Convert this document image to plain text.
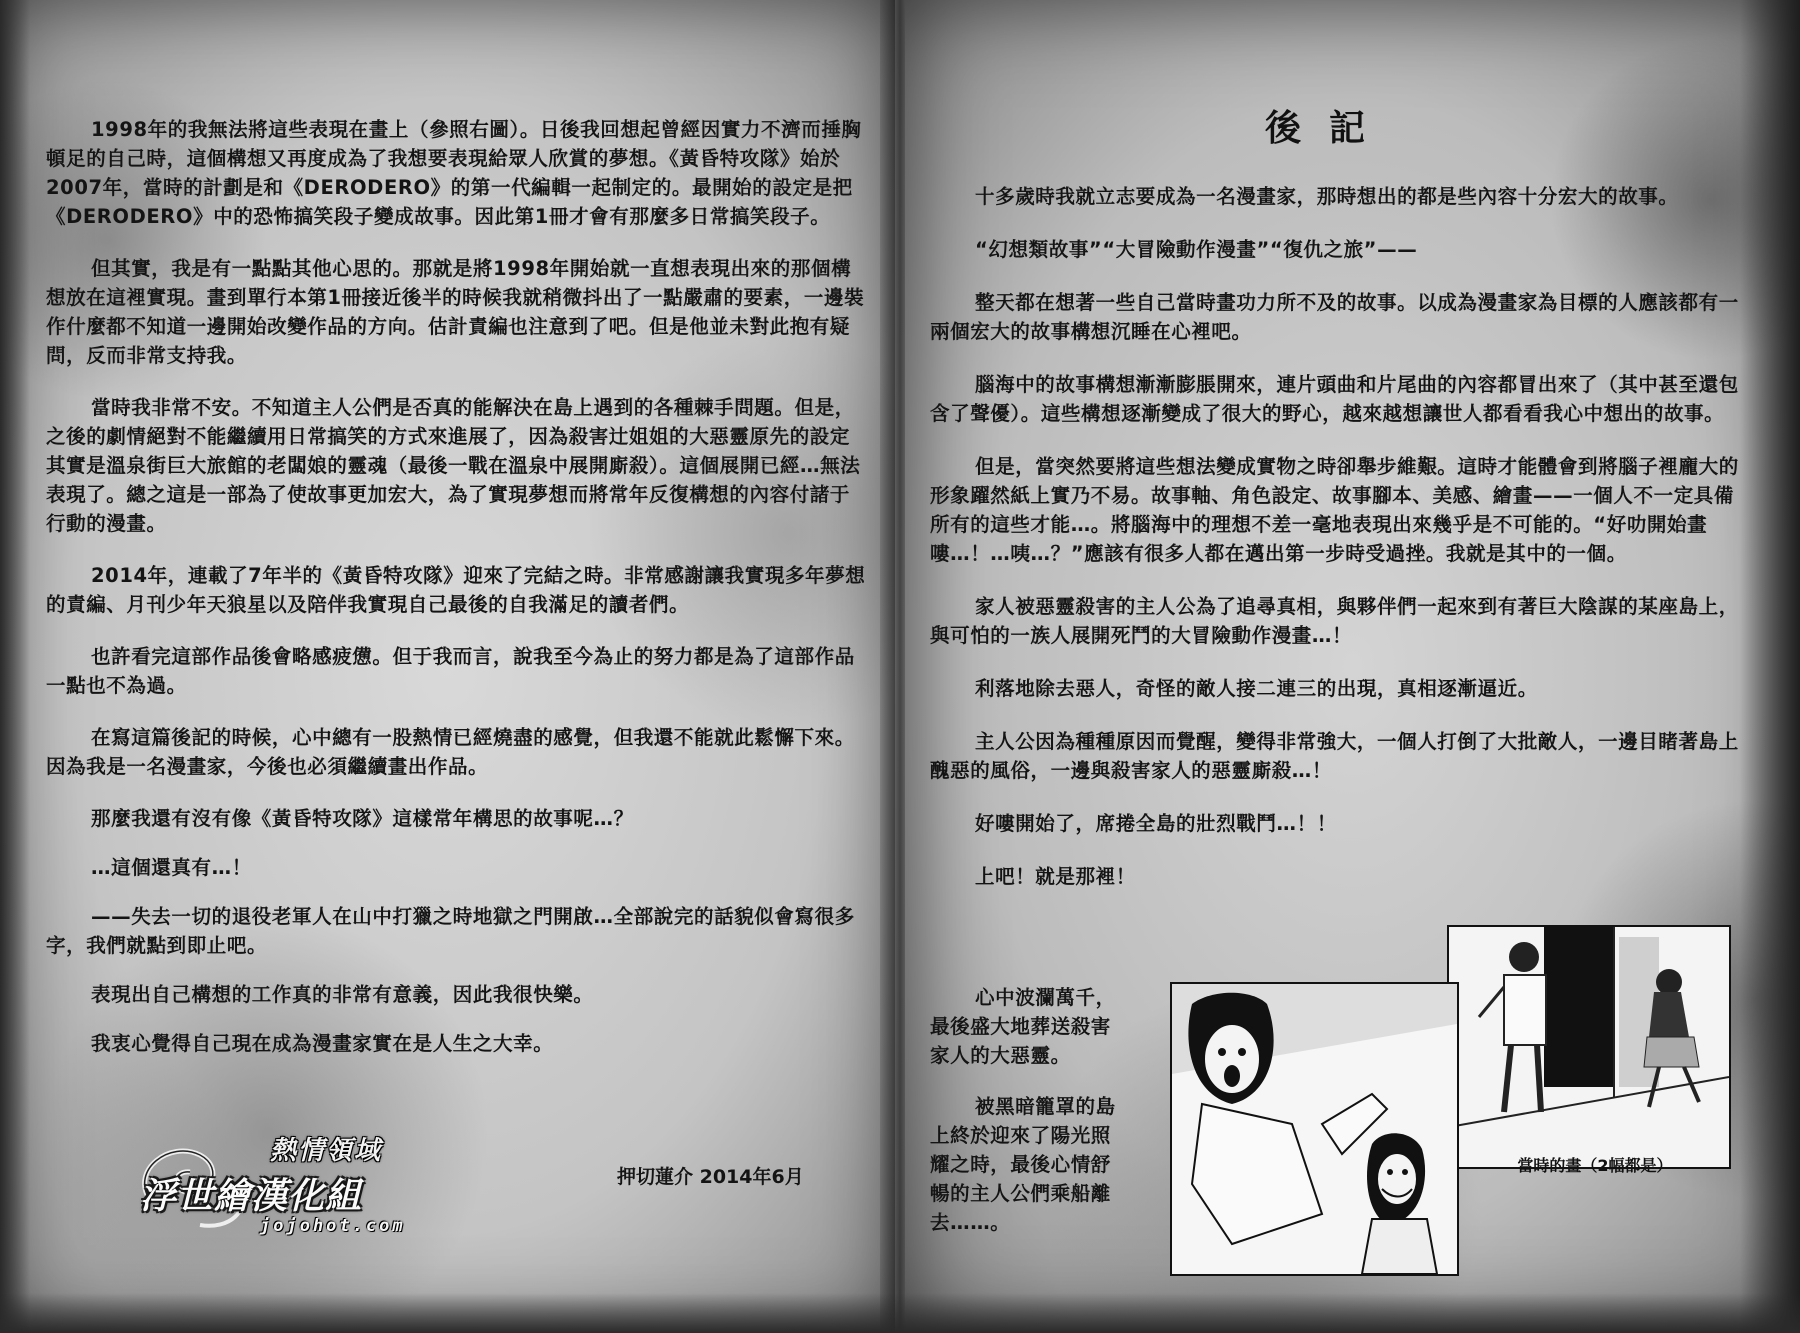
1998年的我無法將這些表現在畫上（參照右圖）。日後我回想起曾經因實力不濟而捶胸頓足的自己時，這個構想又再度成為了我想要表現給眾人欣賞的夢想。《黃昏特攻隊》始於2007年，當時的計劃是和《DERODERO》的第一代編輯一起制定的。最開始的設定是把《DERODERO》中的恐怖搞笑段子變成故事。因此第1冊才會有那麼多日常搞笑段子。

但其實，我是有一點點其他心思的。那就是將1998年開始就一直想表現出來的那個構想放在這裡實現。畫到單行本第1冊接近後半的時候我就稍微抖出了一點嚴肅的要素，一邊裝作什麼都不知道一邊開始改變作品的方向。估計責編也注意到了吧。但是他並未對此抱有疑問，反而非常支持我。

當時我非常不安。不知道主人公們是否真的能解決在島上遇到的各種棘手問題。但是，之後的劇情絕對不能繼續用日常搞笑的方式來進展了，因為殺害辻姐姐的大惡靈原先的設定其實是溫泉街巨大旅館的老闆娘的靈魂（最後一戰在溫泉中展開廝殺）。這個展開已經…無法表現了。總之這是一部為了使故事更加宏大，為了實現夢想而將常年反復構想的內容付諸于行動的漫畫。

2014年，連載了7年半的《黃昏特攻隊》迎來了完結之時。非常感謝讓我實現多年夢想的責編、月刊少年天狼星以及陪伴我實現自己最後的自我滿足的讀者們。

也許看完這部作品後會略感疲憊。但于我而言，說我至今為止的努力都是為了這部作品一點也不為過。

在寫這篇後記的時候，心中總有一股熱情已經燒盡的感覺，但我還不能就此鬆懈下來。因為我是一名漫畫家，今後也必須繼續畫出作品。

那麼我還有沒有像《黃昏特攻隊》這樣常年構思的故事呢…？

…這個還真有…！

——失去一切的退役老軍人在山中打獵之時地獄之門開啟…全部說完的話貌似會寫很多字，我們就點到即止吧。

表現出自己構想的工作真的非常有意義，因此我很快樂。

我衷心覺得自己現在成為漫畫家實在是人生之大幸。

熱情領域
浮世繪漢化組
jojohot.com
押切蓮介 2014年6月
後記

十多歲時我就立志要成為一名漫畫家，那時想出的都是些內容十分宏大的故事。

“幻想類故事”“大冒險動作漫畫”“復仇之旅”——

整天都在想著一些自己當時畫功力所不及的故事。以成為漫畫家為目標的人應該都有一兩個宏大的故事構想沉睡在心裡吧。

腦海中的故事構想漸漸膨脹開來，連片頭曲和片尾曲的內容都冒出來了（其中甚至還包含了聲優）。這些構想逐漸變成了很大的野心，越來越想讓世人都看看我心中想出的故事。

但是，當突然要將這些想法變成實物之時卻舉步維艱。這時才能體會到將腦子裡龐大的形象躍然紙上實乃不易。故事軸、角色設定、故事腳本、美感、繪畫——一個人不一定具備所有的這些才能…。將腦海中的理想不差一毫地表現出來幾乎是不可能的。“好叻開始畫嘍…！…咦…？”應該有很多人都在邁出第一步時受過挫。我就是其中的一個。

家人被惡靈殺害的主人公為了追尋真相，與夥伴們一起來到有著巨大陰謀的某座島上，與可怕的一族人展開死鬥的大冒險動作漫畫…！

利落地除去惡人，奇怪的敵人接二連三的出現，真相逐漸逼近。

主人公因為種種原因而覺醒，變得非常強大，一個人打倒了大批敵人，一邊目睹著島上醜惡的風俗，一邊與殺害家人的惡靈廝殺…！

好嘍開始了，席捲全島的壯烈戰鬥…！！

上吧！就是那裡！

心中波瀾萬千，最後盛大地葬送殺害家人的大惡靈。

被黑暗籠罩的島上終於迎來了陽光照耀之時，最後心情舒暢的主人公們乘船離去……。

當時的畫（2幅都是）
